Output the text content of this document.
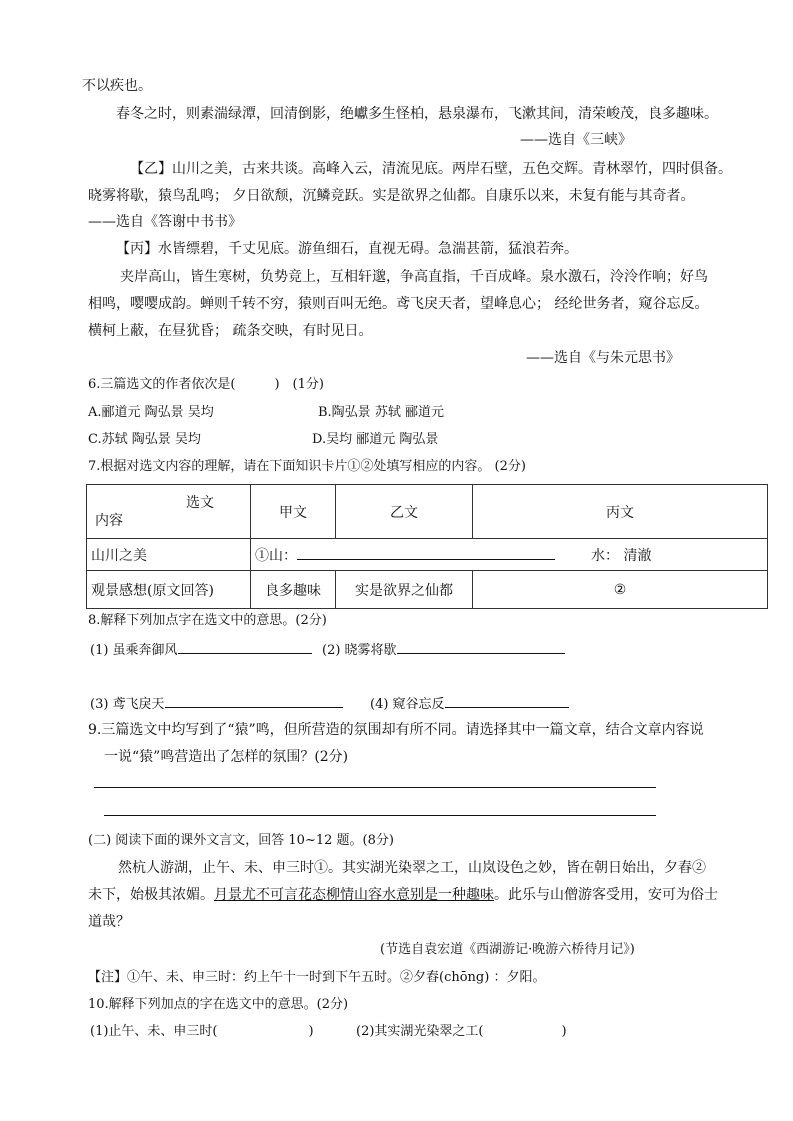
不以疾也。
春冬之时，则素湍绿潭，回清倒影，绝巘多生怪柏，悬泉瀑布，飞漱其间，清荣峻茂，良多趣味。
——选自《三峡》
【乙】山川之美，古来共谈。高峰入云，清流见底。两岸石壁，五色交辉。青林翠竹，四时俱备。
晓雾将歇，猿鸟乱鸣； 夕日欲颓，沉鳞竞跃。实是欲界之仙都。自康乐以来，未复有能与其奇者。
——选自《答谢中书书》
【丙】水皆缥碧，千丈见底。游鱼细石，直视无碍。急湍甚箭，猛浪若奔。
夹岸高山，皆生寒树，负势竞上，互相轩邈，争高直指，千百成峰。泉水激石，泠泠作响；好鸟
相鸣，嘤嘤成韵。蝉则千转不穷，猿则百叫无绝。鸢飞戾天者，望峰息心； 经纶世务者，窥谷忘反。
横柯上蔽，在昼犹昏； 疏条交映，有时见日。
——选自《与朱元思书》
6.三篇选文的作者依次是(　　　)　(1分)
A.郦道元 陶弘景 吴均	B.陶弘景 苏轼 郦道元
C.苏轼 陶弘景 吴均	D.吴均 郦道元 陶弘景
7.根据对选文内容的理解，请在下面知识卡片①②处填写相应的内容。 (2分)
选文
内容	甲文	乙文	丙文
山川之美	①山： 水： 清澈		
观景感想(原文回答)	良多趣味	实是欲界之仙都	②
8.解释下列加点字在选文中的意思。(2分)
(1) 虽乘奔御风	(2) 晓雾将歇
(3) 鸢飞戾天	(4) 窥谷忘反
9.三篇选文中均写到了“猿”鸣，但所营造的氛围却有所不同。请选择其中一篇文章，结合文章内容说
一说“猿”鸣营造出了怎样的氛围？(2分)
(二) 阅读下面的课外文言文，回答 10~12 题。(8分)
然杭人游湖，止午、未、申三时①。其实湖光染翠之工，山岚设色之妙，皆在朝日始出，夕舂②
未下，始极其浓媚。月景尤不可言花态柳情山容水意别是一种趣味。此乐与山僧游客受用，安可为俗士
道哉？
(节选自袁宏道《西湖游记·晚游六桥待月记》)
【注】①午、未、申三时：约上午十一时到下午五时。②夕舂(chōng) ：夕阳。
10.解释下列加点的字在选文中的意思。(2分)
(1)止午、未、申三时(　　　　　　　)	(2)其实湖光染翠之工(　　　　　　)
